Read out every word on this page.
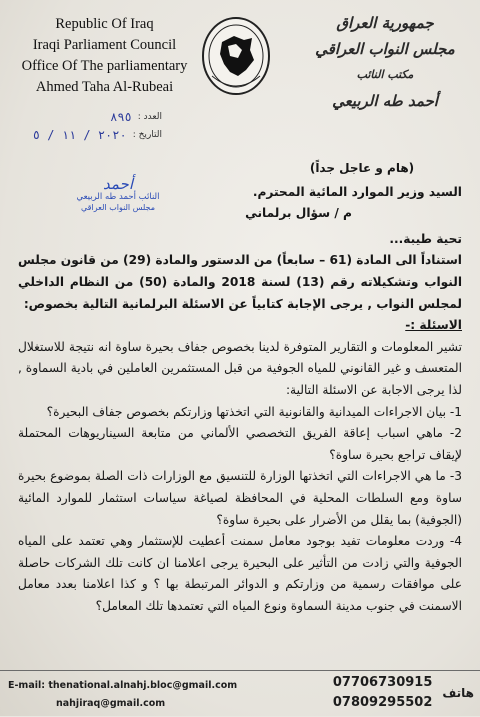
Republic Of Iraq
Iraqi Parliament Council
Office Of The parliamentary
Ahmed Taha Al-Rubeai
جمهورية العراق
مجلس النواب العراقي
مكتب النائب
أحمد طه الربيعي
العدد :
٨٩٥
التاريخ :
٢٠٢٠ / ١١ / ٥
أحمد
النائب أحمد طه الربيعي
مجلس النواب العراقي

(هام و عاجل جداً)

السيد وزير الموارد المائية المحترم.

م / سؤال برلماني

تحية طيبة...

استناداً الى المادة (61 – سابعاً) من الدستور والمادة (29) من قانون مجلس النواب وتشكيلاته رقم (13) لسنة 2018 والمادة (50) من النظام الداخلي لمجلس النواب , يرجى الإجابة كتابياً عن الاسئلة البرلمانية التالية بخصوص:

الاسئلة :-

تشير المعلومات و التقارير المتوفرة لدينا بخصوص جفاف بحيرة ساوة انه نتيجة للاستغلال المتعسف و غير القانوني للمياه الجوفية من قبل المستثمرين العاملين في بادية السماوة , لذا يرجى الاجابة عن الاسئلة التالية:

1- بيان الاجراءات الميدانية والقانونية التي اتخذتها وزارتكم بخصوص جفاف البحيرة؟

2- ماهي اسباب إعاقة الفريق التخصصي الألماني من متابعة السيناريوهات المحتملة لإيقاف تراجع بحيرة ساوة؟

3- ما هي الاجراءات التي اتخذتها الوزارة للتنسيق مع الوزارات ذات الصلة بموضوع بحيرة ساوة ومع السلطات المحلية في المحافظة لصياغة سياسات استثمار للموارد المائية (الجوفية) بما يقلل من الأضرار على بحيرة ساوة؟

4- وردت معلومات تفيد بوجود معامل سمنت أعطيت للإستثمار وهي تعتمد على المياه الجوفية والتي زادت من التأثير على البحيرة يرجى اعلامنا ان كانت تلك الشركات حاصلة على موافقات رسمية من وزارتكم و الدوائر المرتبطة بها ؟ و كذا اعلامنا بعدد معامل الاسمنت في جنوب مدينة السماوة ونوع المياه التي تعتمدها تلك المعامل؟

E-mail: thenational.alnahj.bloc@gmail.com
nahjiraq@gmail.com
07706730915
07809295502
هاتف
